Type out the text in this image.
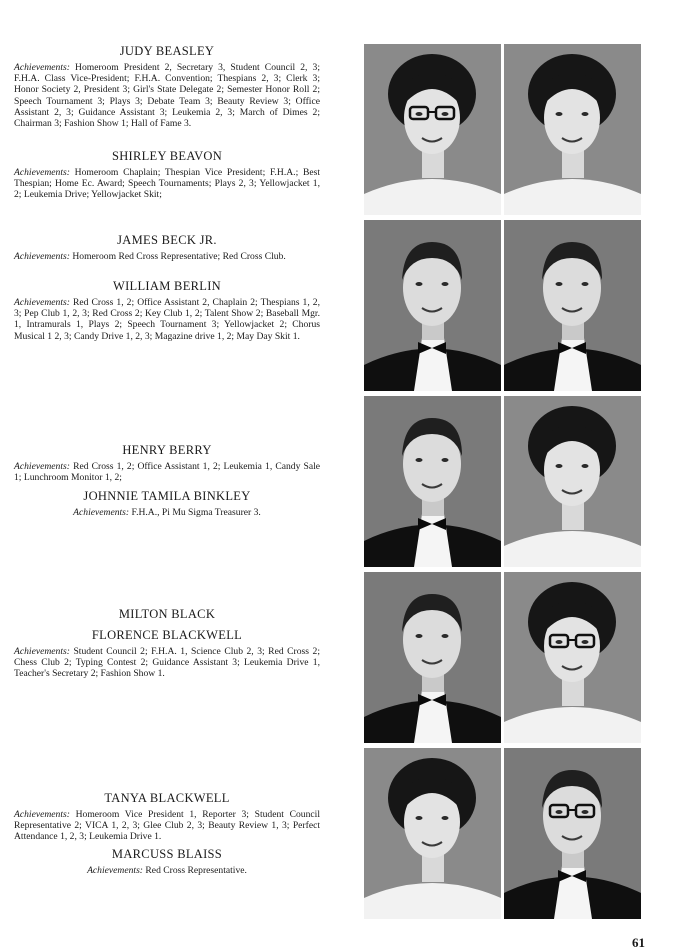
JUDY BEASLEY

Achievements: Homeroom President 2, Secretary 3, Student Council 2, 3; F.H.A. Class Vice-President; F.H.A. Convention; Thespians 2, 3; Clerk 3; Honor Society 2, President 3; Girl's State Delegate 2; Semester Honor Roll 2; Speech Tournament 3; Plays 3; Debate Team 3; Beauty Review 3; Office Assistant 2, 3; Guidance Assistant 3; Leukemia 2, 3; March of Dimes 2; Chairman 3; Fashion Show 1; Hall of Fame 3.

SHIRLEY BEAVON

Achievements: Homeroom Chaplain; Thespian Vice President; F.H.A.; Best Thespian; Home Ec. Award; Speech Tournaments; Plays 2, 3; Yellowjacket 1, 2; Leukemia Drive; Yellowjacket Skit;

JAMES BECK JR.

Achievements: Homeroom Red Cross Representative; Red Cross Club.

WILLIAM BERLIN

Achievements: Red Cross 1, 2; Office Assistant 2, Chaplain 2; Thespians 1, 2, 3; Pep Club 1, 2, 3; Red Cross 2; Key Club 1, 2; Talent Show 2; Baseball Mgr. 1, Intramurals 1, Plays 2; Speech Tournament 3; Yellowjacket 2; Chorus Musical 1 2, 3; Candy Drive 1, 2, 3; Magazine drive 1, 2; May Day Skit 1.

HENRY BERRY

Achievements: Red Cross 1, 2; Office Assistant 1, 2; Leukemia 1, Candy Sale 1; Lunchroom Monitor 1, 2;

JOHNNIE TAMILA BINKLEY

Achievements: F.H.A., Pi Mu Sigma Treasurer 3.

MILTON BLACK
FLORENCE BLACKWELL

Achievements: Student Council 2; F.H.A. 1, Science Club 2, 3; Red Cross 2; Chess Club 2; Typing Contest 2; Guidance Assistant 3; Leukemia Drive 1, Teacher's Secretary 2; Fashion Show 1.

TANYA BLACKWELL

Achievements: Homeroom Vice President 1, Reporter 3; Student Council Representative 2; VICA 1, 2, 3; Glee Club 2, 3; Beauty Review 1, 3; Perfect Attendance 1, 2, 3; Leukemia Drive 1.

MARCUSS BLAISS

Achievements: Red Cross Representative.

61
